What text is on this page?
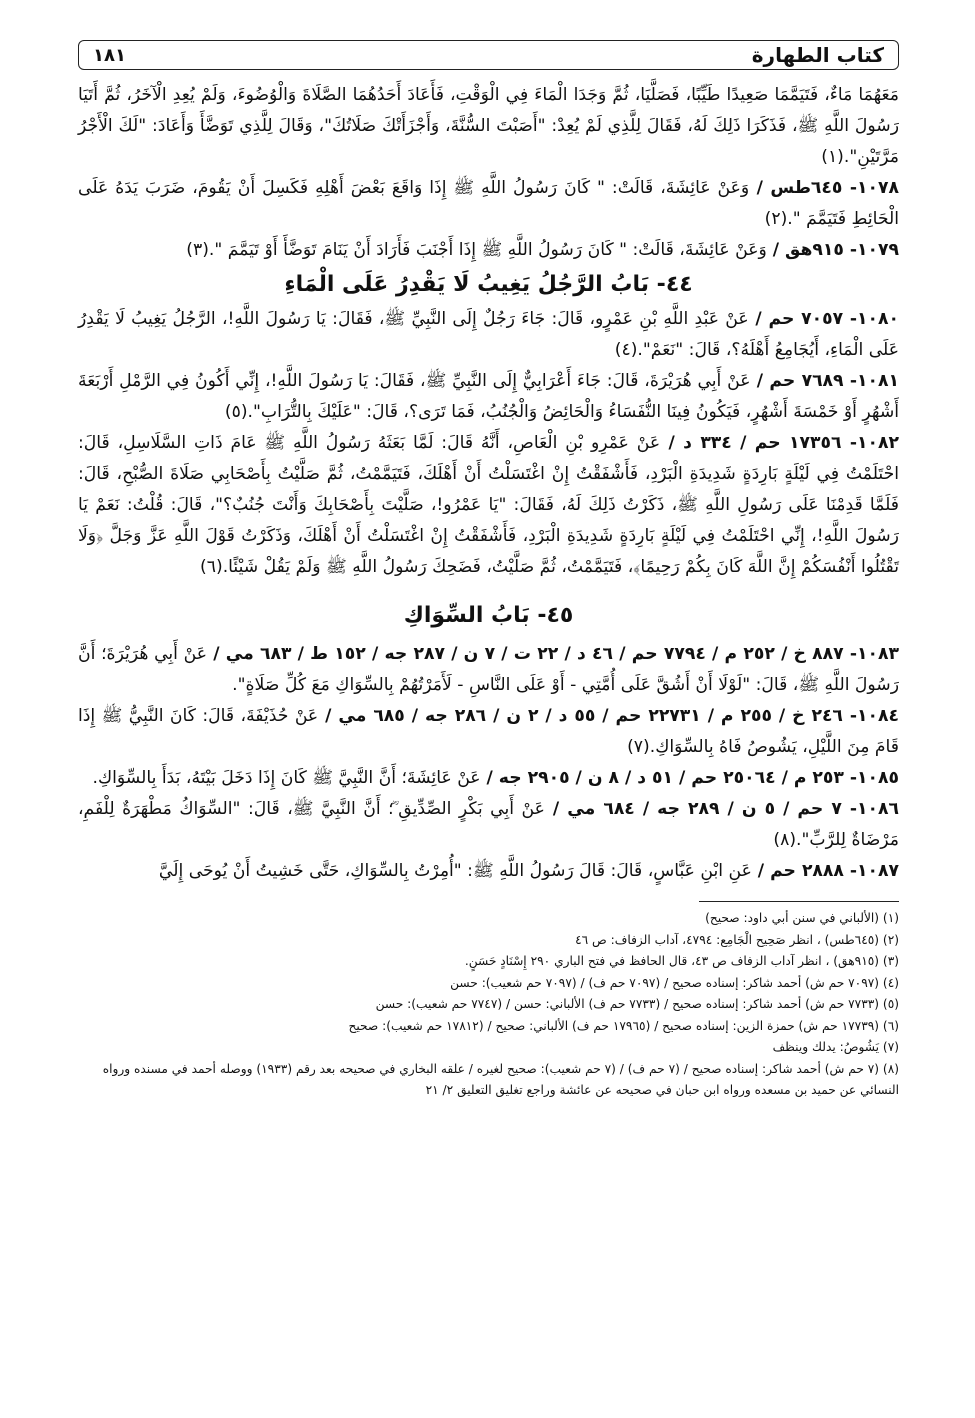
كتاب الطهارة
١٨١

مَعَهُمَا مَاءٌ، فَتَيَمَّمَا صَعِيدًا طَيِّبًا، فَصَلَّيَا، ثُمَّ وَجَدَا الْمَاءَ فِي الْوَقْتِ، فَأَعَادَ أَحَدُهُمَا الصَّلَاةَ وَالْوُضُوءَ، وَلَمْ يُعِدِ الْآخَرُ، ثُمَّ أَتَيَا رَسُولَ اللَّهِ ﷺ، فَذَكَرَا ذَلِكَ لَهُ، فَقَالَ لِلَّذِي لَمْ يُعِدْ: "أَصَبْتَ السُّنَّةَ، وَأَجْزَأَتْكَ صَلَاتُكَ"، وَقَالَ لِلَّذِي تَوَضَّأَ وَأَعَادَ: "لَكَ الْأَجْرُ مَرَّتَيْنِ".(١)

١٠٧٨- ٦٤٥طس / وَعَنْ عَائِشَةَ، قَالَتْ: " كَانَ رَسُولُ اللَّهِ ﷺ إِذَا وَاقَعَ بَعْضَ أَهْلِهِ فَكَسِلَ أَنْ يَقُومَ، ضَرَبَ يَدَهُ عَلَى الْحَائِطِ فَتَيَمَّمَ ".(٢)

١٠٧٩- ٩١٥هق / وَعَنْ عَائِشَةَ، قَالَتْ: " كَانَ رَسُولُ اللَّهِ ﷺ إِذَا أَجْنَبَ فَأَرَادَ أَنْ يَنَامَ تَوَضَّأَ أَوْ تَيَمَّمَ ".(٣)

٤٤- بَابُ الرَّجُلُ يَغِيبُ لَا يَقْدِرُ عَلَى الْمَاءِ

١٠٨٠- ٧٠٥٧ حم / عَنْ عَبْدِ اللَّهِ بْنِ عَمْرٍو، قَالَ: جَاءَ رَجُلٌ إِلَى النَّبِيِّ ﷺ، فَقَالَ: يَا رَسُولَ اللَّهِ!، الرَّجُلُ يَغِيبُ لَا يَقْدِرُ عَلَى الْمَاءِ، أَيُجَامِعُ أَهْلَهُ؟، قَالَ: "نَعَمْ".(٤)

١٠٨١- ٧٦٨٩ حم / عَنْ أَبِي هُرَيْرَةَ، قَالَ: جَاءَ أَعْرَابِيٌّ إِلَى النَّبِيِّ ﷺ، فَقَالَ: يَا رَسُولَ اللَّهِ!، إِنِّي أَكُونُ فِي الرَّمْلِ أَرْبَعَةَ أَشْهُرٍ أَوْ خَمْسَةَ أَشْهُرٍ، فَيَكُونُ فِينَا النُّفَسَاءُ وَالْحَائِضُ وَالْجُنُبُ، فَمَا تَرَى؟، قَالَ: "عَلَيْكَ بِالتُّرَابِ".(٥)

١٠٨٢- ١٧٣٥٦ حم / ٣٣٤ د / عَنْ عَمْرِو بْنِ الْعَاصِ، أَنَّهُ قَالَ: لَمَّا بَعَثَهُ رَسُولُ اللَّهِ ﷺ عَامَ ذَاتِ السَّلَاسِلِ، قَالَ: احْتَلَمْتُ فِي لَيْلَةٍ بَارِدَةٍ شَدِيدَةِ الْبَرْدِ، فَأَشْفَقْتُ إِنْ اغْتَسَلْتُ أَنْ أَهْلَكَ، فَتَيَمَّمْتُ، ثُمَّ صَلَّيْتُ بِأَصْحَابِي صَلَاةَ الصُّبْحِ، قَالَ: فَلَمَّا قَدِمْنَا عَلَى رَسُولِ اللَّهِ ﷺ، ذَكَرْتُ ذَلِكَ لَهُ، فَقَالَ: "يَا عَمْرُو!، صَلَّيْتَ بِأَصْحَابِكَ وَأَنْتَ جُنُبٌ؟"، قَالَ: قُلْتُ: نَعَمْ يَا رَسُولَ اللَّهِ!، إِنِّي احْتَلَمْتُ فِي لَيْلَةٍ بَارِدَةٍ شَدِيدَةِ الْبَرْدِ، فَأَشْفَقْتُ إِنْ اغْتَسَلْتُ أَنْ أَهْلَكَ، وَذَكَرْتُ قَوْلَ اللَّهِ عَزَّ وَجَلَّ ﴿وَلَا تَقْتُلُوا أَنْفُسَكُمْ إِنَّ اللَّهَ كَانَ بِكُمْ رَحِيمًا﴾، فَتَيَمَّمْتُ، ثُمَّ صَلَّيْتُ، فَضَحِكَ رَسُولُ اللَّهِ ﷺ وَلَمْ يَقُلْ شَيْئًا.(٦)

٤٥- بَابُ السِّوَاكِ

١٠٨٣- ٨٨٧ خ / ٢٥٢ م / ٧٧٩٤ حم / ٤٦ د / ٢٢ ت / ٧ ن / ٢٨٧ جه / ١٥٢ ط / ٦٨٣ مي / عَنْ أَبِي هُرَيْرَةَ؛ أَنَّ رَسُولَ اللَّهِ ﷺ، قَالَ: "لَوْلَا أَنْ أَشُقَّ عَلَى أُمَّتِي - أَوْ عَلَى النَّاسِ - لَأَمَرْتُهُمْ بِالسِّوَاكِ مَعَ كُلِّ صَلَاةٍ".

١٠٨٤- ٢٤٦ خ / ٢٥٥ م / ٢٢٧٣١ حم / ٥٥ د / ٢ ن / ٢٨٦ جه / ٦٨٥ مي / عَنْ حُذَيْفَةَ، قَالَ: كَانَ النَّبِيُّ ﷺ إِذَا قَامَ مِنَ اللَّيْلِ، يَشُوصُ فَاهُ بِالسِّوَاكِ.(٧)

١٠٨٥- ٢٥٣ م / ٢٥٠٦٤ حم / ٥١ د / ٨ ن / ٢٩٠٥ جه / عَنْ عَائِشَةَ؛ أَنَّ النَّبِيَّ ﷺ كَانَ إِذَا دَخَلَ بَيْتَهُ، بَدَأَ بِالسِّوَاكِ.

١٠٨٦- ٧ حم / ٥ ن / ٢٨٩ جه / ٦٨٤ مي / عَنْ أَبِي بَكْرٍ الصِّدِّيقِ ؓ؛ أَنَّ النَّبِيَّ ﷺ، قَالَ: "السِّوَاكُ مَطْهَرَةٌ لِلْفَمِ، مَرْضَاةٌ لِلرَّبِّ".(٨)

١٠٨٧- ٢٨٨٨ حم / عَنِ ابْنِ عَبَّاسٍ، قَالَ: قَالَ رَسُولُ اللَّهِ ﷺ: "أُمِرْتُ بِالسِّوَاكِ، حَتَّى خَشِيتُ أَنْ يُوحَى إِلَيَّ

(١) (الألباني في سنن أبي داود: صحيح)

(٢) (٦٤٥طس) ، انظر صَحِيح الْجَامِع: ٤٧٩٤، آداب الزفاف: ص ٤٦

(٣) (٩١٥هق) ، انظر آداب الزفاف ص ٤٣، قال الحافظ في فتح الباري ٢٩٠ إِسْنَادٍ حَسَنٍ.

(٤) (٧٠٩٧ حم ش) أحمد شاكر: إسناده صحيح / (٧٠٩٧ حم ف) / (٧٠٩٧ حم شعيب): حسن

(٥) (٧٧٣٣ حم ش) أحمد شاكر: إسناده صحيح / (٧٧٣٣ حم ف) الألباني: حسن / (٧٧٤٧ حم شعيب): حسن

(٦) (١٧٧٣٩ حم ش) حمزة الزين: إسناده صحيح / (١٧٩٦٥ حم ف) الألباني: صحيح / (١٧٨١٢ حم شعيب): صحيح

(٧) يَشُوصُ: يدلك وينظف

(٨) (٧ حم ش) أحمد شاكر: إسناده صحيح / (٧ حم ف) / (٧ حم شعيب): صحيح لغيره / علقه البخاري في صحيحه بعد رقم (١٩٣٣) ووصله أحمد في مسنده ورواه النسائي عن حميد بن مسعده ورواه ابن حبان في صحيحه عن عائشة وراجع تغليق التعليق ٢/ ٢١
